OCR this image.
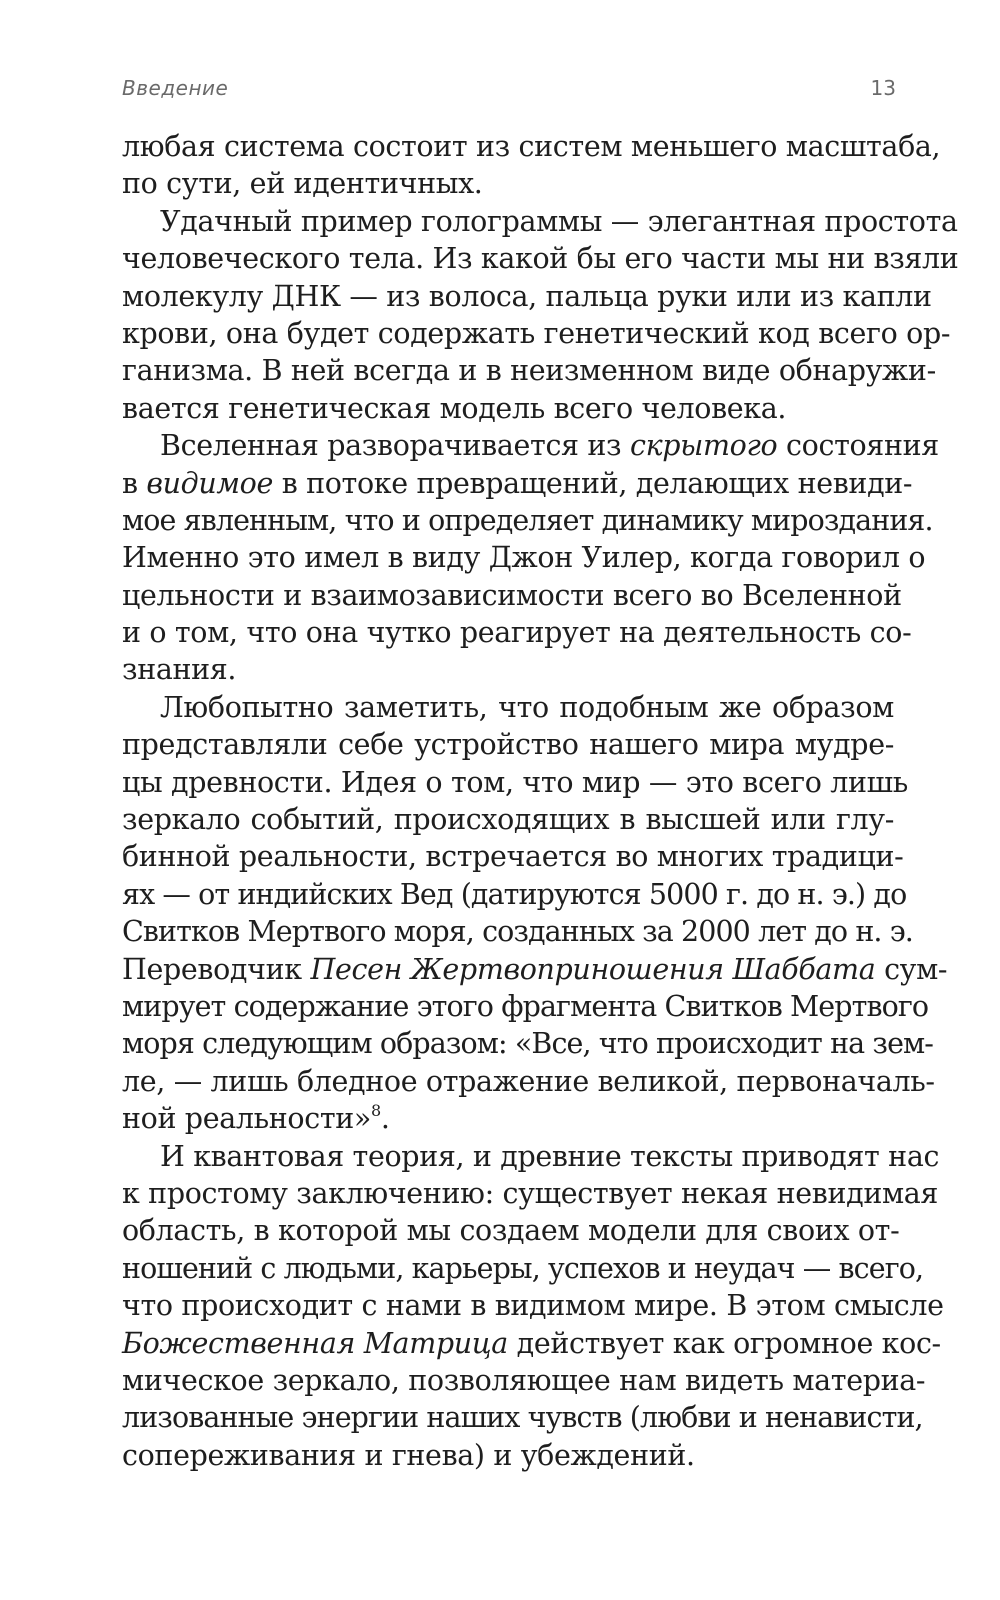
Введение	13
любая система состоит из систем меньшего масштаба,
по сути, ей идентичных.
Удачный пример голограммы — элегантная простота
человеческого тела. Из какой бы его части мы ни взяли
молекулу ДНК — из волоса, пальца руки или из капли
крови, она будет содержать генетический код всего ор-
ганизма. В ней всегда и в неизменном виде обнаружи-
вается генетическая модель всего человека.
Вселенная разворачивается из скрытого состояния
в видимое в потоке превращений, делающих невиди-
мое явленным, что и определяет динамику мироздания.
Именно это имел в виду Джон Уилер, когда говорил о
цельности и взаимозависимости всего во Вселенной
и о том, что она чутко реагирует на деятельность со-
знания.
Любопытно заметить, что подобным же образом
представляли себе устройство нашего мира мудре-
цы древности. Идея о том, что мир — это всего лишь
зеркало событий, происходящих в высшей или глу-
бинной реальности, встречается во многих традици-
ях — от индийских Вед (датируются 5000 г. до н. э.) до
Свитков Мертвого моря, созданных за 2000 лет до н. э.
Переводчик Песен Жертвоприношения Шаббата сум-
мирует содержание этого фрагмента Свитков Мертвого
моря следующим образом: «Все, что происходит на зем-
ле, — лишь бледное отражение великой, первоначаль-
ной реальности»$^8$.
И квантовая теория, и древние тексты приводят нас
к простому заключению: существует некая невидимая
область, в которой мы создаем модели для своих от-
ношений с людьми, карьеры, успехов и неудач — всего,
что происходит с нами в видимом мире. В этом смысле
Божественная Матрица действует как огромное кос-
мическое зеркало, позволяющее нам видеть материа-
лизованные энергии наших чувств (любви и ненависти,
сопереживания и гнева) и убеждений.
